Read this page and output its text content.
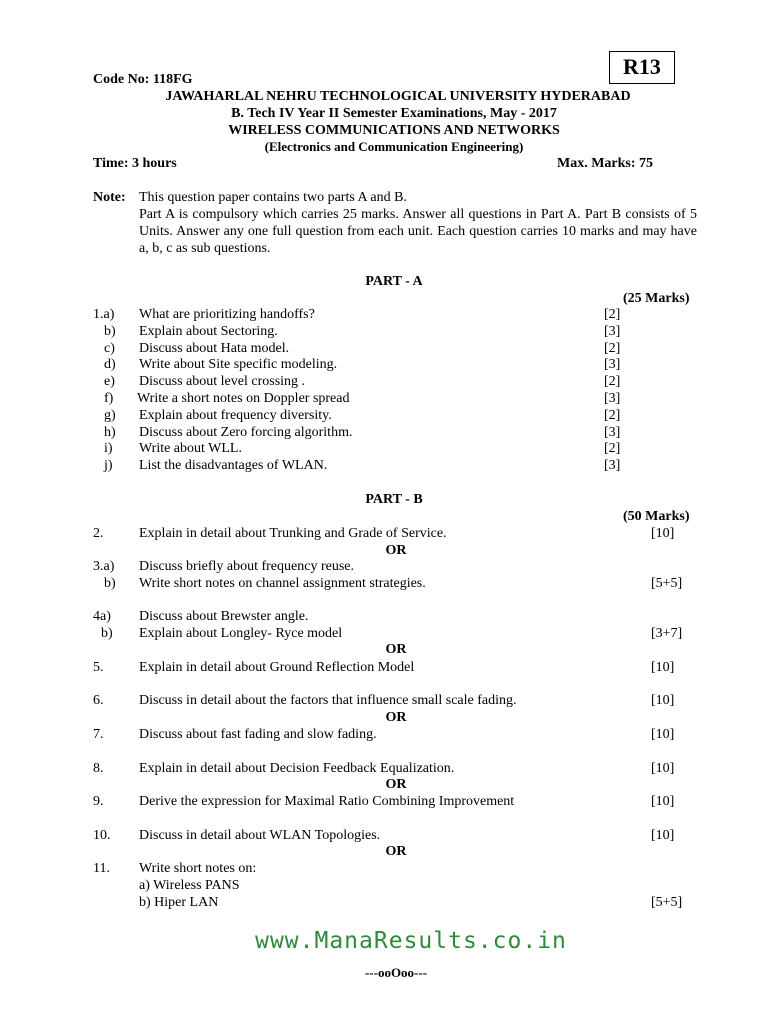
R13
Code No: 118FG
JAWAHARLAL NEHRU TECHNOLOGICAL UNIVERSITY HYDERABAD
B. Tech IV Year II Semester Examinations, May - 2017
WIRELESS COMMUNICATIONS AND NETWORKS
(Electronics and Communication Engineering)
Time: 3 hours	Max. Marks: 75
Note: This question paper contains two parts A and B.
Part A is compulsory which carries 25 marks. Answer all questions in Part A. Part B consists of 5 Units. Answer any one full question from each unit. Each question carries 10 marks and may have a, b, c as sub questions.
PART - A
(25 Marks)
1.a) What are prioritizing handoffs?	[2]
b) Explain about Sectoring.	[3]
c) Discuss about Hata model.	[2]
d) Write about Site specific modeling.	[3]
e) Discuss about level crossing .	[2]
f) Write a short notes on Doppler spread	[3]
g) Explain about frequency diversity.	[2]
h) Discuss about Zero forcing algorithm.	[3]
i) Write about WLL.	[2]
j) List the disadvantages of WLAN.	[3]
PART - B
(50 Marks)
2.	Explain in detail about Trunking and Grade of Service.	[10]
OR
3.a) Discuss briefly about frequency reuse.
b) Write short notes on channel assignment strategies.	[5+5]
4a) Discuss about Brewster angle.
b) Explain about Longley- Ryce model	[3+7]
OR
5.	Explain in detail about Ground Reflection Model	[10]
6.	Discuss in detail about the factors that influence small scale fading.	[10]
OR
7.	Discuss about fast fading and slow fading.	[10]
8.	Explain in detail about Decision Feedback Equalization.	[10]
OR
9.	Derive the expression for Maximal Ratio Combining Improvement	[10]
10. Discuss in detail about WLAN Topologies.	[10]
OR
11. Write short notes on:
a) Wireless PANS
b) Hiper LAN	[5+5]
www.ManaResults.co.in
---ooOoo---
